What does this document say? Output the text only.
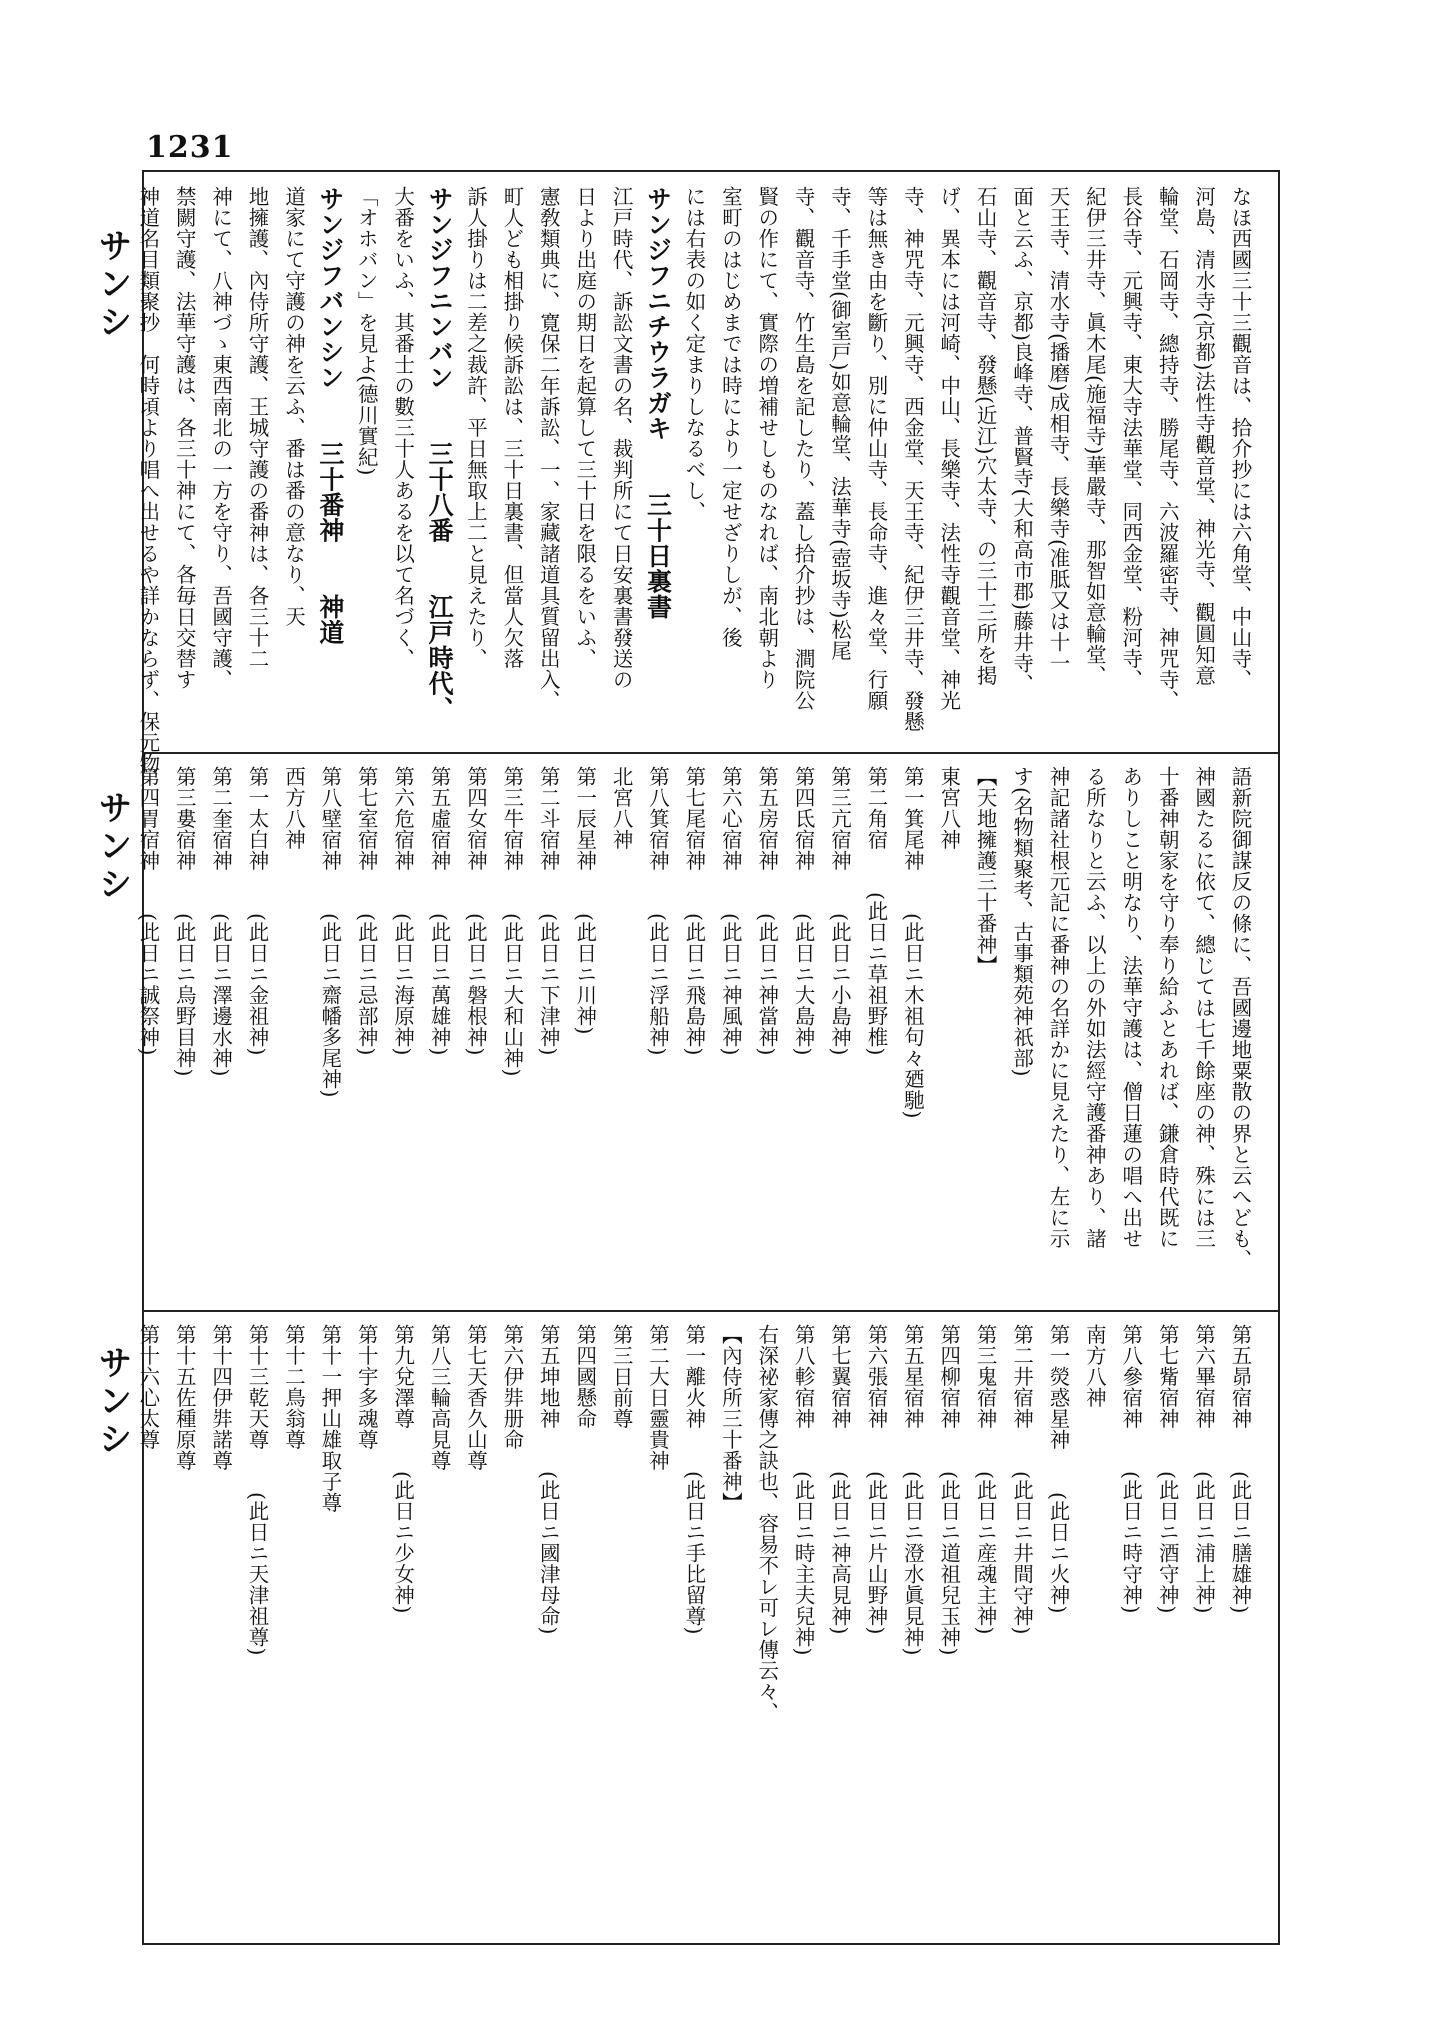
1231
サンシ
サンシ
サンシ
なほ西國三十三觀音は、拾介抄には六角堂、中山寺、
河島、清水寺(京都)法性寺觀音堂、神光寺、觀圓知意
輪堂、石岡寺、總持寺、勝尾寺、六波羅密寺、神咒寺、
長谷寺、元興寺、東大寺法華堂、同西金堂、粉河寺、
紀伊三井寺、眞木尾(施福寺)華嚴寺、那智如意輪堂、
天王寺、清水寺(播磨)成相寺、長樂寺(准胝又は十一
面と云ふ、京都)良峰寺、普賢寺(大和高市郡)藤井寺、
石山寺、觀音寺、發懸(近江)穴太寺、の三十三所を掲
げ、異本には河崎、中山、長樂寺、法性寺觀音堂、神光
寺、神咒寺、元興寺、西金堂、天王寺、紀伊三井寺、發懸
等は無き由を斷り、別に仲山寺、長命寺、進々堂、行願
寺、千手堂(御室戸)如意輪堂、法華寺(壺坂寺)松尾
寺、觀音寺、竹生島を記したり、蓋し拾介抄は、澗院公
賢の作にて、實際の増補せしものなれば、南北朝より
室町のはじめまでは時により一定せざりしが、後
には右表の如く定まりしなるべし、
サンジフニチウラガキ　　三十日裏書
江戸時代、訴訟文書の名、裁判所にて日安裏書發送の
日より出庭の期日を起算して三十日を限るをいふ、
憲敎類典に、寛保二年訴訟、一、家藏諸道具質留出入、
町人ども相掛り候訴訟は、三十日裏書、但當人欠落
訴人掛りは二差之裁許、平日無取上二と見えたり、
サンジフニンバン　　三十八番　　江戸時代、
大番をいふ、其番士の數三十人あるを以て名づく、
「オホバン」を見よ(德川實紀)
サンジフバンシン　　三十番神　　神道
道家にて守護の神を云ふ、番は番の意なり、天
地擁護、內侍所守護、王城守護の番神は、各三十二
神にて、八神づゝ東西南北の一方を守り、吾國守護、
禁闕守護、法華守護は、各三十神にて、各毎日交替す
神道名目類聚抄　何時頃より唱へ出せるや詳かならず、保元物
語新院御謀反の條に、吾國邊地粟散の界と云へども、
神國たるに依て、總じては七千餘座の神、殊には三
十番神朝家を守り奉り給ふとあれば、鎌倉時代既に
ありしこと明なり、法華守護は、僧日蓮の唱へ出せ
る所なりと云ふ、以上の外如法經守護番神あり、諸
神記諸社根元記に番神の名詳かに見えたり、左に示
す(名物類聚考、古事類苑神祇部)
【天地擁護三十番神】
東宮八神
第一箕尾神　　(此日ニ木祖句々廼馳)
第二角宿　　(此日ニ草祖野椎)
第三亢宿神　　(此日ニ小島神)
第四氐宿神　　(此日ニ大島神)
第五房宿神　　(此日ニ神當神)
第六心宿神　　(此日ニ神風神)
第七尾宿神　　(此日ニ飛島神)
第八箕宿神　　(此日ニ浮船神)
北宮八神
第一辰星神　　(此日ニ川神)
第二斗宿神　　(此日ニ下津神)
第三牛宿神　　(此日ニ大和山神)
第四女宿神　　(此日ニ磐根神)
第五虛宿神　　(此日ニ萬雄神)
第六危宿神　　(此日ニ海原神)
第七室宿神　　(此日ニ忌部神)
第八壁宿神　　(此日ニ齋幡多尾神)
西方八神
第一太白神　　(此日ニ金祖神)
第二奎宿神　　(此日ニ澤邊水神)
第三婁宿神　　(此日ニ烏野目神)
第四胃宿神　　(此日ニ誠祭神)
第五昴宿神　　(此日ニ膳雄神)
第六畢宿神　　(此日ニ浦上神)
第七觜宿神　　(此日ニ酒守神)
第八參宿神　　(此日ニ時守神)
南方八神
第一熒惑星神　　(此日ニ火神)
第二井宿神　　(此日ニ井間守神)
第三鬼宿神　　(此日ニ産魂主神)
第四柳宿神　　(此日ニ道祖兒玉神)
第五星宿神　　(此日ニ澄水眞見神)
第六張宿神　　(此日ニ片山野神)
第七翼宿神　　(此日ニ神高見神)
第八軫宿神　　(此日ニ時主夫兒神)
右深祕家傳之訣也、容易不レ可レ傳云々、
【內侍所三十番神】
第一離火神　　(此日ニ手比留尊)
第二大日靈貴神
第三日前尊
第四國懸命
第五坤地神　　(此日ニ國津母命)
第六伊弉册命
第七天香久山尊
第八三輪高見尊
第九兌澤尊　　(此日ニ少女神)
第十宇多魂尊
第十一押山雄取子尊
第十二鳥翁尊
第十三乾天尊　　(此日ニ天津祖尊)
第十四伊弉諾尊
第十五佐種原尊
第十六心太尊
